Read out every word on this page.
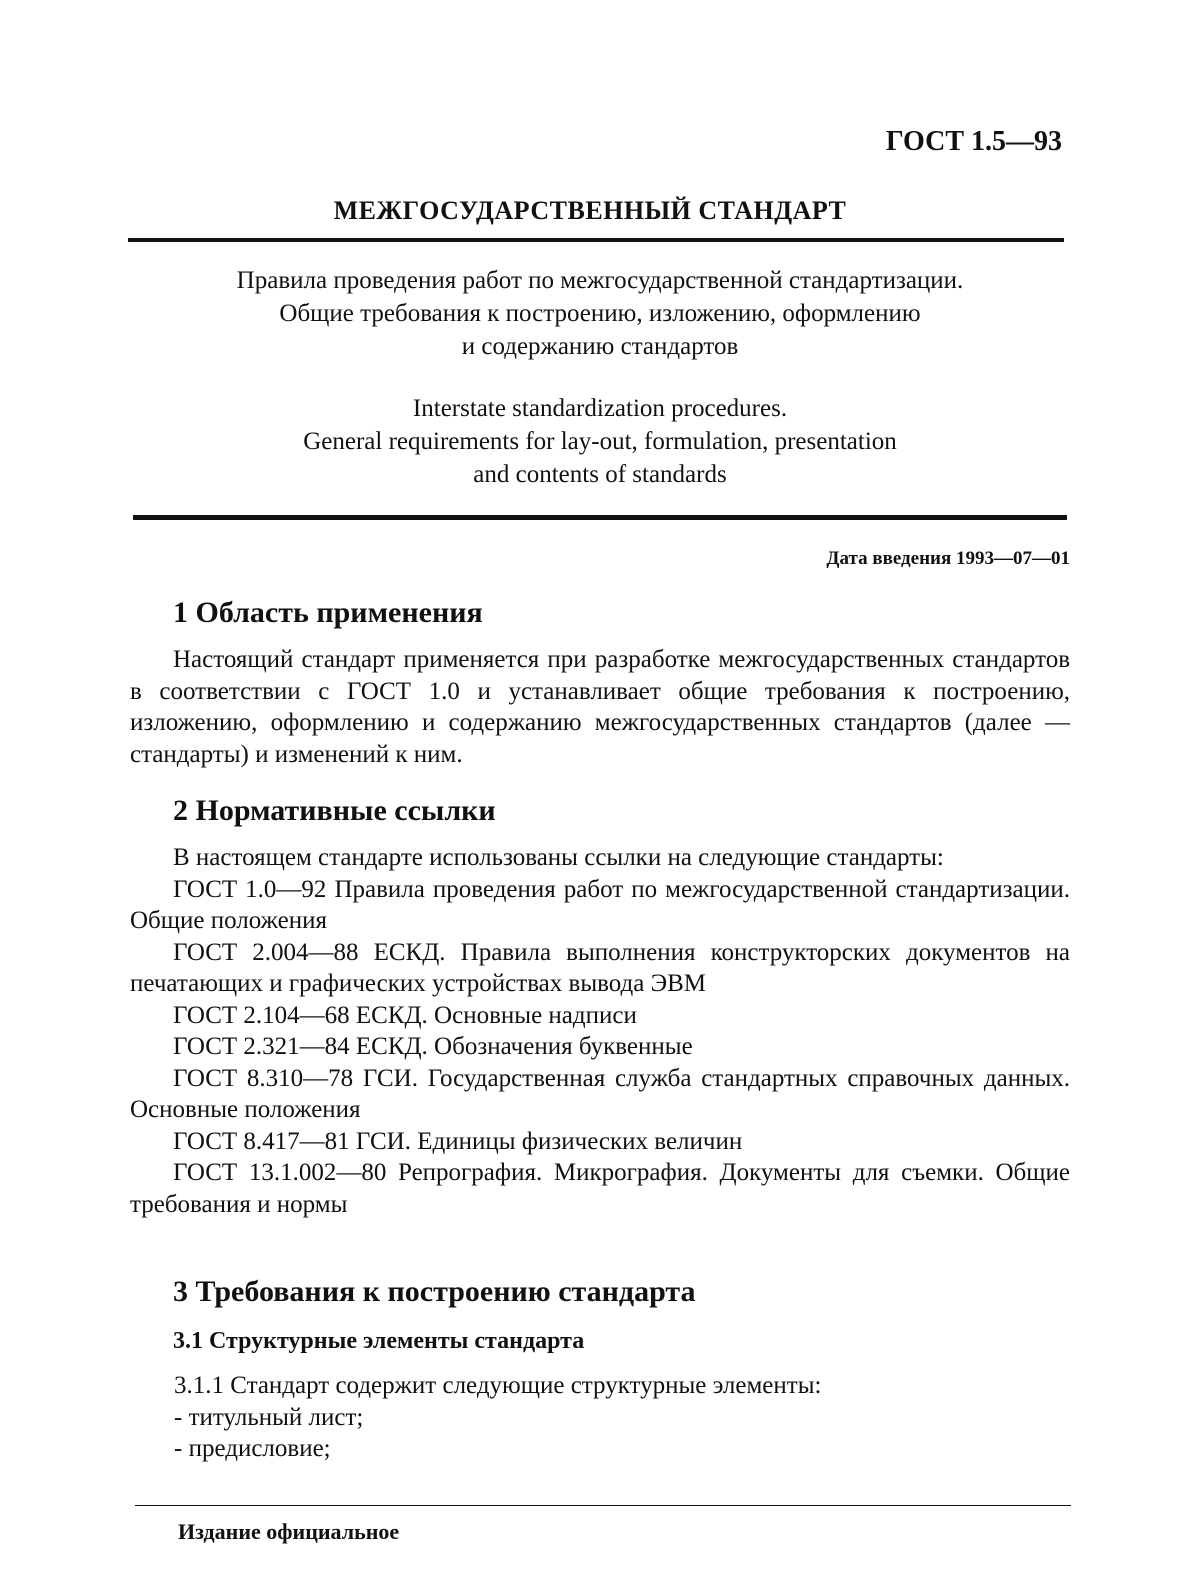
ГОСТ 1.5—93
МЕЖГОСУДАРСТВЕННЫЙ СТАНДАРТ
Правила проведения работ по межгосударственной стандартизации.
Общие требования к построению, изложению, оформлению
и содержанию стандартов
Interstate standardization procedures.
General requirements for lay-out, formulation, presentation
and contents of standards
Дата введения 1993—07—01
1 Область применения
Настоящий стандарт применяется при разработке межгосударственных стандартов в соответствии с ГОСТ 1.0 и устанавливает общие требования к построению, изложению, оформлению и содержанию межгосударственных стандартов (далее — стандарты) и изменений к ним.
2 Нормативные ссылки
В настоящем стандарте использованы ссылки на следующие стандарты:
ГОСТ 1.0—92 Правила проведения работ по межгосударственной стандартизации. Общие положения
ГОСТ 2.004—88 ЕСКД. Правила выполнения конструкторских документов на печатающих и графических устройствах вывода ЭВМ
ГОСТ 2.104—68 ЕСКД. Основные надписи
ГОСТ 2.321—84 ЕСКД. Обозначения буквенные
ГОСТ 8.310—78 ГСИ. Государственная служба стандартных справочных данных. Основные положения
ГОСТ 8.417—81 ГСИ. Единицы физических величин
ГОСТ 13.1.002—80 Репрография. Микрография. Документы для съемки. Общие требования и нормы
3 Требования к построению стандарта
3.1 Структурные элементы стандарта
3.1.1 Стандарт содержит следующие структурные элементы:
- титульный лист;
- предисловие;
Издание официальное
